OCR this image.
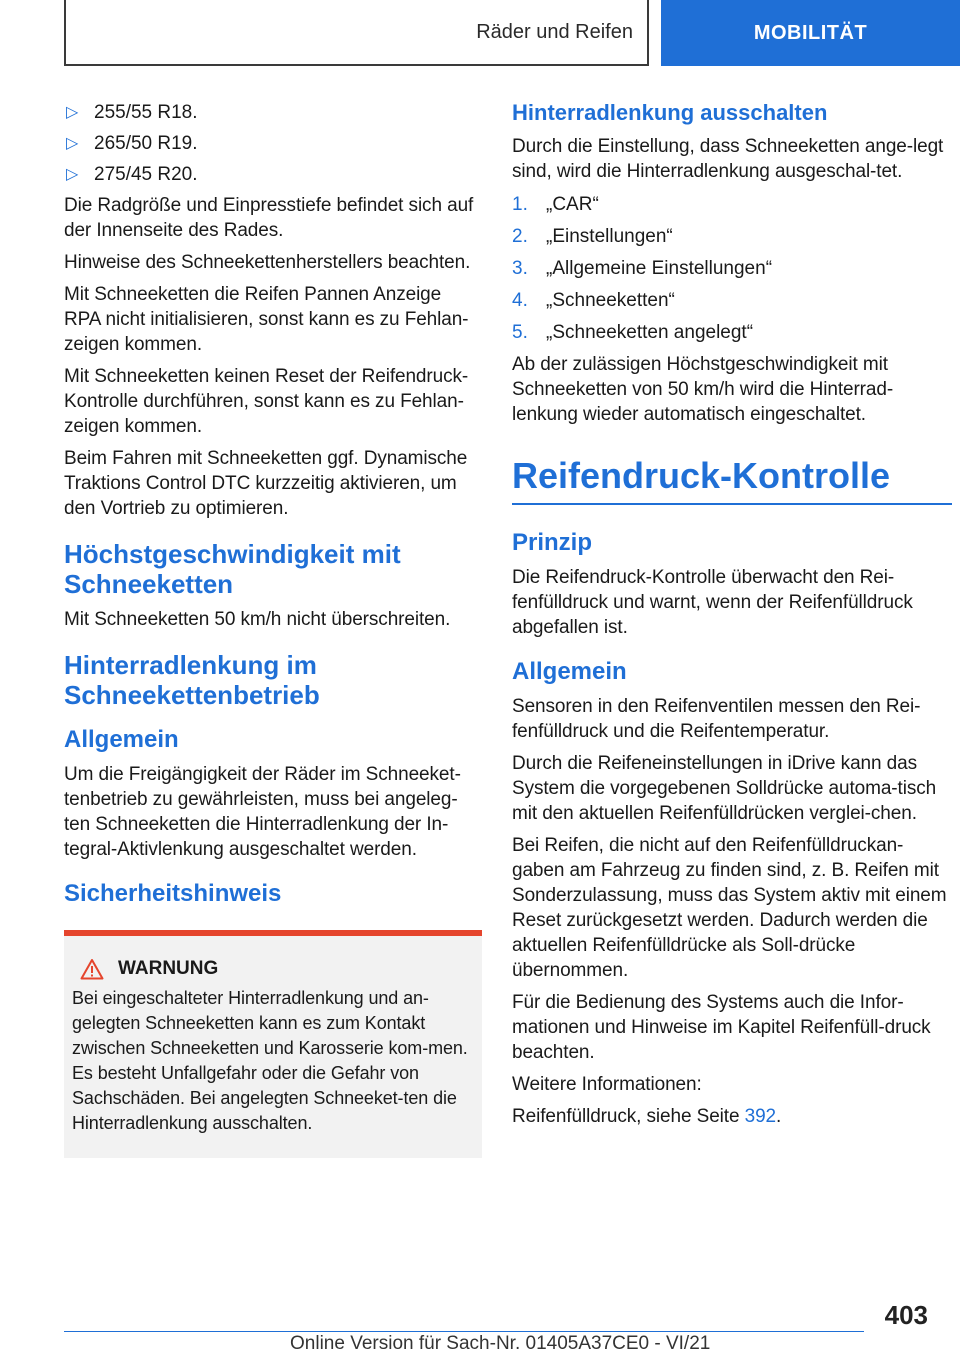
Räder und Reifen	MOBILITÄT
▷ 255/55 R18.
▷ 265/50 R19.
▷ 275/45 R20.

Die Radgröße und Einpresstiefe befindet sich auf der Innenseite des Rades.

Hinweise des Schneekettenherstellers beachten.

Mit Schneeketten die Reifen Pannen Anzeige RPA nicht initialisieren, sonst kann es zu Fehlan-zeigen kommen.

Mit Schneeketten keinen Reset der Reifendruck-Kontrolle durchführen, sonst kann es zu Fehlan-zeigen kommen.

Beim Fahren mit Schneeketten ggf. Dynamische Traktions Control DTC kurzzeitig aktivieren, um den Vortrieb zu optimieren.

Höchstgeschwindigkeit mit Schneeketten

Mit Schneeketten 50 km/h nicht überschreiten.

Hinterradlenkung im Schneekettenbetrieb
Allgemein

Um die Freigängigkeit der Räder im Schneeket-tenbetrieb zu gewährleisten, muss bei angeleg-ten Schneeketten die Hinterradlenkung der In-tegral-Aktivlenkung ausgeschaltet werden.

Sicherheitshinweis
WARNUNG

Bei eingeschalteter Hinterradlenkung und an-gelegten Schneeketten kann es zum Kontakt zwischen Schneeketten und Karosserie kom-men. Es besteht Unfallgefahr oder die Gefahr von Sachschäden. Bei angelegten Schneeket-ten die Hinterradlenkung ausschalten.

Hinterradlenkung ausschalten

Durch die Einstellung, dass Schneeketten ange-legt sind, wird die Hinterradlenkung ausgeschal-tet.

1. „CAR“
2. „Einstellungen“
3. „Allgemeine Einstellungen“
4. „Schneeketten“
5. „Schneeketten angelegt“

Ab der zulässigen Höchstgeschwindigkeit mit Schneeketten von 50 km/h wird die Hinterrad-lenkung wieder automatisch eingeschaltet.

Reifendruck-Kontrolle
Prinzip

Die Reifendruck-Kontrolle überwacht den Rei-fenfülldruck und warnt, wenn der Reifenfülldruck abgefallen ist.

Allgemein

Sensoren in den Reifenventilen messen den Rei-fenfülldruck und die Reifentemperatur.

Durch die Reifeneinstellungen in iDrive kann das System die vorgegebenen Solldrücke automa-tisch mit den aktuellen Reifenfülldrücken verglei-chen.

Bei Reifen, die nicht auf den Reifenfülldruckan-gaben am Fahrzeug zu finden sind, z. B. Reifen mit Sonderzulassung, muss das System aktiv mit einem Reset zurückgesetzt werden. Dadurch werden die aktuellen Reifenfülldrücke als Soll-drücke übernommen.

Für die Bedienung des Systems auch die Infor-mationen und Hinweise im Kapitel Reifenfüll-druck beachten.

Weitere Informationen:

Reifenfülldruck, siehe Seite 392.

403
Online Version für Sach-Nr. 01405A37CE0 - VI/21
